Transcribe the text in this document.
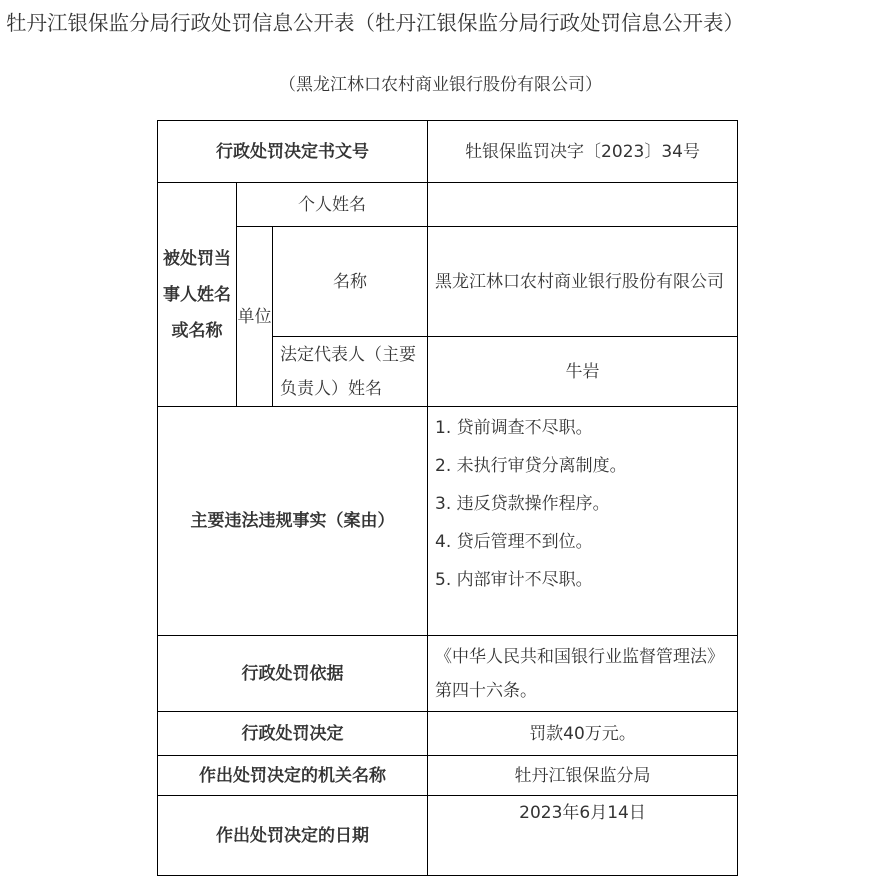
牡丹江银保监分局行政处罚信息公开表（牡丹江银保监分局行政处罚信息公开表）
（黑龙江林口农村商业银行股份有限公司）
行政处罚决定书文号			牡银保监罚决字〔2023〕34号
被处罚当事人姓名或名称	个人姓名		
	单位	名称	黑龙江林口农村商业银行股份有限公司
		法定代表人（主要负责人）姓名	牛岩
主要违法违规事实（案由）			1. 贷前调查不尽职。
2. 未执行审贷分离制度。
3. 违反贷款操作程序。
4. 贷后管理不到位。
5. 内部审计不尽职。

行政处罚依据			《中华人民共和国银行业监督管理法》第四十六条。
行政处罚决定			罚款40万元。
作出处罚决定的机关名称			牡丹江银保监分局
作出处罚决定的日期			2023年6月14日
